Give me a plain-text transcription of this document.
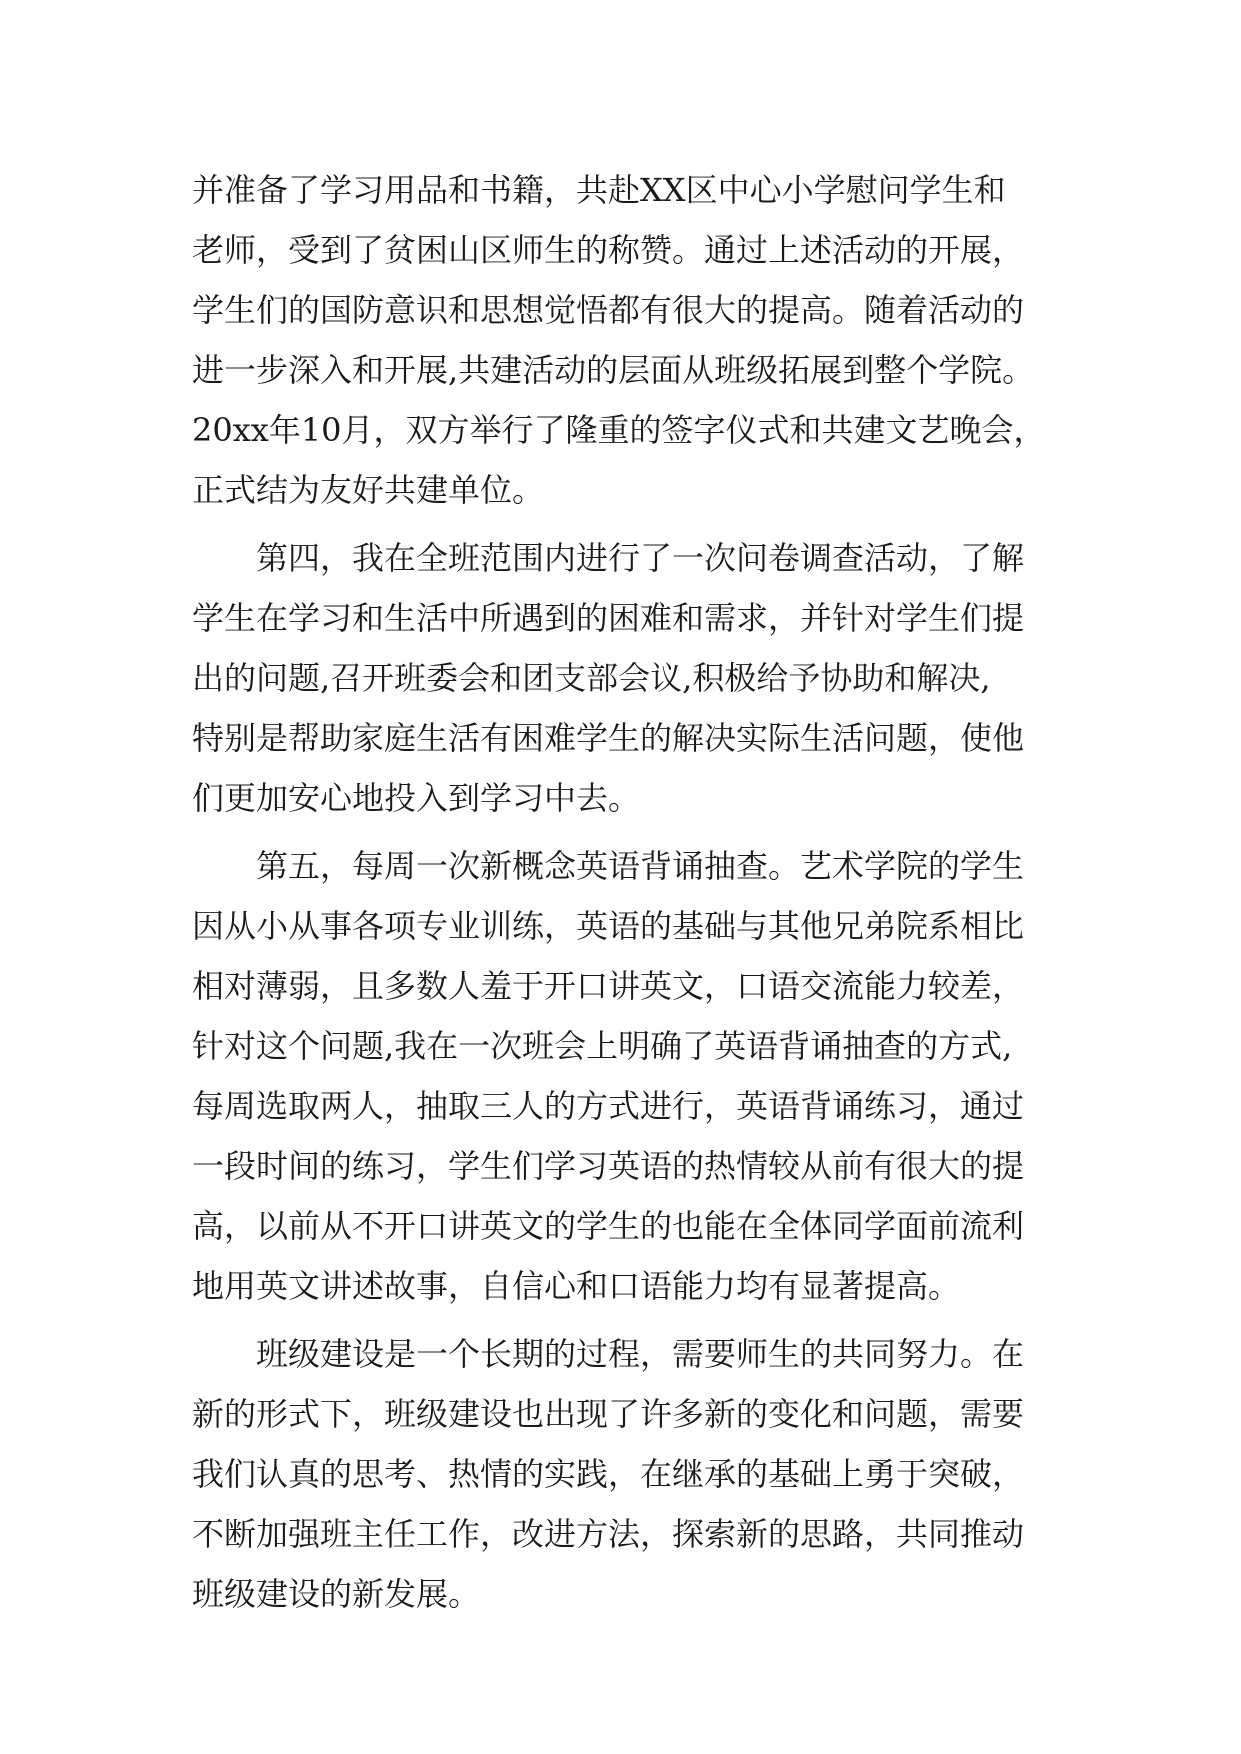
并准备了学习用品和书籍，共赴XX区中心小学慰问学生和
老师，受到了贫困山区师生的称赞。通过上述活动的开展，
学生们的国防意识和思想觉悟都有很大的提高。随着活动的
进一步深入和开展,共建活动的层面从班级拓展到整个学院。
20xx年10月，双方举行了隆重的签字仪式和共建文艺晚会，
正式结为友好共建单位。
　　第四，我在全班范围内进行了一次问卷调查活动，了解
学生在学习和生活中所遇到的困难和需求，并针对学生们提
出的问题,召开班委会和团支部会议,积极给予协助和解决,
特别是帮助家庭生活有困难学生的解决实际生活问题，使他
们更加安心地投入到学习中去。
　　第五，每周一次新概念英语背诵抽查。艺术学院的学生
因从小从事各项专业训练，英语的基础与其他兄弟院系相比
相对薄弱，且多数人羞于开口讲英文，口语交流能力较差，
针对这个问题,我在一次班会上明确了英语背诵抽查的方式,
每周选取两人，抽取三人的方式进行，英语背诵练习，通过
一段时间的练习，学生们学习英语的热情较从前有很大的提
高，以前从不开口讲英文的学生的也能在全体同学面前流利
地用英文讲述故事，自信心和口语能力均有显著提高。
　　班级建设是一个长期的过程，需要师生的共同努力。在
新的形式下，班级建设也出现了许多新的变化和问题，需要
我们认真的思考、热情的实践，在继承的基础上勇于突破，
不断加强班主任工作，改进方法，探索新的思路，共同推动
班级建设的新发展。
